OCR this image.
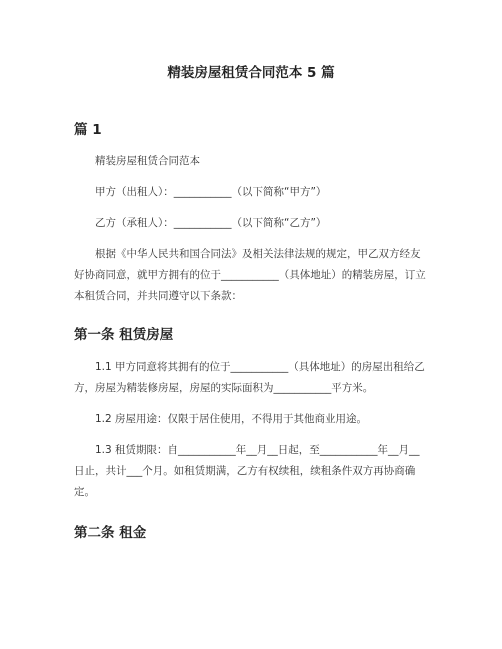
精装房屋租赁合同范本 5 篇
篇 1

精装房屋租赁合同范本

甲方（出租人）：___________（以下简称“甲方”）

乙方（承租人）：___________（以下简称“乙方”）

根据《中华人民共和国合同法》及相关法律法规的规定，甲乙双方经友好协商同意，就甲方拥有的位于___________（具体地址）的精装房屋，订立本租赁合同，并共同遵守以下条款：

第一条 租赁房屋

1.1 甲方同意将其拥有的位于___________（具体地址）的房屋出租给乙方，房屋为精装修房屋，房屋的实际面积为___________平方米。

1.2 房屋用途：仅限于居住使用，不得用于其他商业用途。

1.3 租赁期限：自___________年__月__日起，至___________年__月__日止，共计___个月。如租赁期满，乙方有权续租，续租条件双方再协商确定。

第二条 租金
